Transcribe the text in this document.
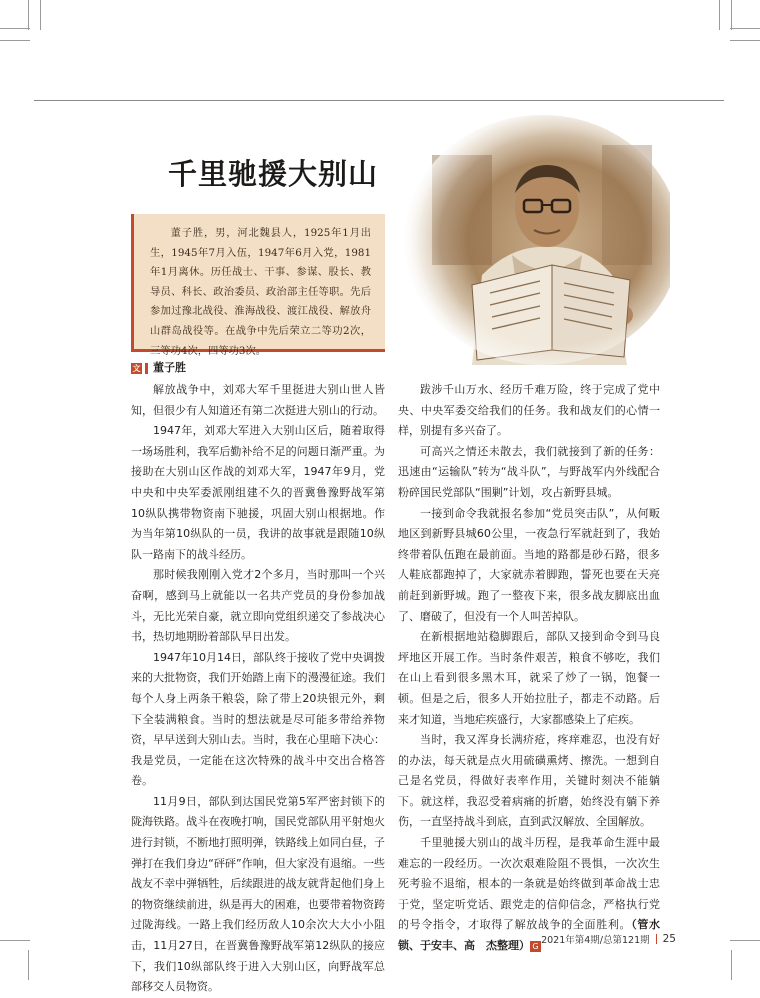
千里驰援大别山
董子胜，男，河北魏县人，1925年1月出生，1945年7月入伍，1947年6月入党，1981年1月离休。历任战士、干事、参谋、股长、教导员、科长、政治委员、政治部主任等职。先后参加过豫北战役、淮海战役、渡江战役、解放舟山群岛战役等。在战争中先后荣立二等功2次，三等功4次，四等功3次。
文 董子胜

解放战争中，刘邓大军千里挺进大别山世人皆知，但很少有人知道还有第二次挺进大别山的行动。

1947年，刘邓大军进入大别山区后，随着取得一场场胜利，我军后勤补给不足的问题日渐严重。为接助在大别山区作战的刘邓大军，1947年9月，党中央和中央军委派刚组建不久的晋冀鲁豫野战军第10纵队携带物资南下驰援，巩固大别山根据地。作为当年第10纵队的一员，我讲的故事就是跟随10纵队一路南下的战斗经历。

那时候我刚刚入党才2个多月，当时那叫一个兴奋啊，感到马上就能以一名共产党员的身份参加战斗，无比光荣自豪，就立即向党组织递交了参战决心书，热切地期盼着部队早日出发。

1947年10月14日，部队终于接收了党中央调拨来的大批物资，我们开始踏上南下的漫漫征途。我们每个人身上两条干粮袋，除了带上20块银元外，剩下全装满粮食。当时的想法就是尽可能多带给养物资，早早送到大别山去。当时，我在心里暗下决心：我是党员，一定能在这次特殊的战斗中交出合格答卷。

11月9日，部队到达国民党第5军严密封锁下的陇海铁路。战斗在夜晚打响，国民党部队用平射炮火进行封锁，不断地打照明弹，铁路线上如同白昼，子弹打在我们身边“砰砰”作响，但大家没有退缩。一些战友不幸中弹牺牲，后续跟进的战友就背起他们身上的物资继续前进，纵是再大的困难，也要带着物资跨过陇海线。一路上我们经历敌人10余次大大小小阻击，11月27日，在晋冀鲁豫野战军第12纵队的接应下，我们10纵部队终于进入大别山区，向野战军总部移交人员物资。

跋涉千山万水、经历千难万险，终于完成了党中央、中央军委交给我们的任务。我和战友们的心情一样，别提有多兴奋了。

可高兴之情还未散去，我们就接到了新的任务：迅速由“运输队”转为“战斗队”，与野战军内外线配合粉碎国民党部队“围剿”计划，攻占新野县城。

一接到命令我就报名参加“党员突击队”，从何畈地区到新野县城60公里，一夜急行军就赶到了，我始终带着队伍跑在最前面。当地的路都是砂石路，很多人鞋底都跑掉了，大家就赤着脚跑，誓死也要在天亮前赶到新野城。跑了一整夜下来，很多战友脚底出血了、磨破了，但没有一个人叫苦掉队。

在新根据地站稳脚跟后，部队又接到命令到马良坪地区开展工作。当时条件艰苦，粮食不够吃，我们在山上看到很多黑木耳，就采了炒了一锅，饱餐一顿。但是之后，很多人开始拉肚子，都走不动路。后来才知道，当地疟疾盛行，大家都感染上了疟疾。

当时，我又浑身长满疥疮，疼痒难忍，也没有好的办法，每天就是点火用硫磺熏烤、擦洗。一想到自己是名党员，得做好表率作用，关键时刻决不能躺下。就这样，我忍受着病痛的折磨，始终没有躺下养伤，一直坚持战斗到底，直到武汉解放、全国解放。

千里驰援大别山的战斗历程，是我革命生涯中最难忘的一段经历。一次次艰难险阻不畏惧，一次次生死考验不退缩，根本的一条就是始终做到革命战士忠于党，坚定听党话、跟党走的信仰信念，严格执行党的号令指令，才取得了解放战争的全面胜利。（管水锁、于安丰、高　杰整理） G

2021年第4期/总第121期 25
